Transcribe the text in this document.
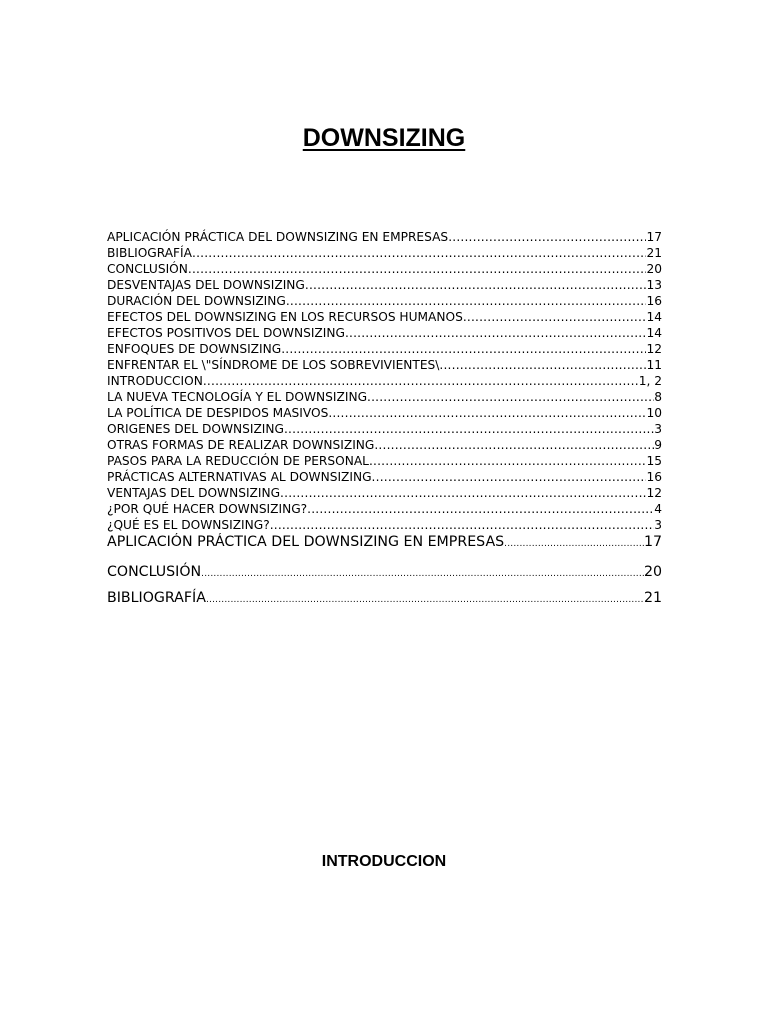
DOWNSIZING
APLICACIÓN PRÁCTICA DEL DOWNSIZING EN EMPRESAS .....	17
BIBLIOGRAFÍA .....	21
CONCLUSIÓN .....	20
DESVENTAJAS DEL DOWNSIZING .....	13
DURACIÓN DEL DOWNSIZING .....	16
EFECTOS DEL DOWNSIZING EN LOS RECURSOS HUMANOS .....	14
EFECTOS POSITIVOS DEL DOWNSIZING .....	14
ENFOQUES DE DOWNSIZING .....	12
ENFRENTAR EL \"SÍNDROME DE LOS SOBREVIVIENTES\ .....	11
INTRODUCCION .....	1, 2
LA NUEVA TECNOLOGÍA Y EL DOWNSIZING .....	8
LA POLÍTICA DE DESPIDOS MASIVOS .....	10
ORIGENES DEL DOWNSIZING .....	3
OTRAS FORMAS DE REALIZAR DOWNSIZING .....	9
PASOS PARA LA REDUCCIÓN DE PERSONAL .....	15
PRÁCTICAS ALTERNATIVAS AL DOWNSIZING .....	16
VENTAJAS DEL DOWNSIZING .....	12
¿POR QUÉ HACER DOWNSIZING? .....	4
¿QUÉ ES EL DOWNSIZING? .....	3
APLICACIÓN PRÁCTICA DEL DOWNSIZING EN EMPRESAS .....	17
CONCLUSIÓN .....	20
BIBLIOGRAFÍA .....	21
INTRODUCCION
